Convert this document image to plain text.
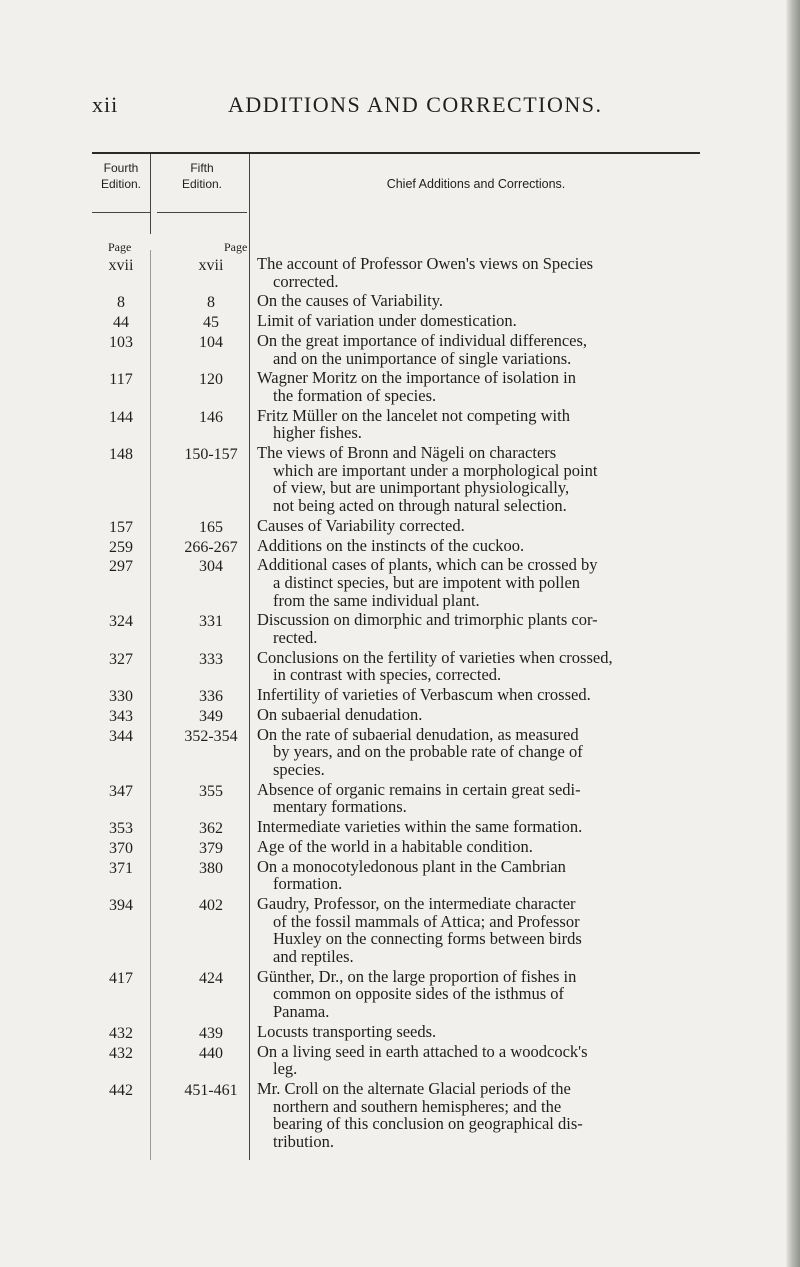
xii	ADDITIONS AND CORRECTIONS.
Fourth
Edition.
Fifth
Edition.	Chief Additions and Corrections.
Page	Page
xvii	xvii	The account of Professor Owen's views on Species
corrected.
8	8	On the causes of Variability.
44	45	Limit of variation under domestication.
103	104	On the great importance of individual differences,
and on the unimportance of single variations.
117	120	Wagner Moritz on the importance of isolation in
the formation of species.
144	146	Fritz Müller on the lancelet not competing with
higher fishes.
148	150-157	The views of Bronn and Nägeli on characters
which are important under a morphological point
of view, but are unimportant physiologically,
not being acted on through natural selection.
157	165	Causes of Variability corrected.
259	266-267	Additions on the instincts of the cuckoo.
297	304	Additional cases of plants, which can be crossed by
a distinct species, but are impotent with pollen
from the same individual plant.
324	331	Discussion on dimorphic and trimorphic plants cor-
rected.
327	333	Conclusions on the fertility of varieties when crossed,
in contrast with species, corrected.
330	336	Infertility of varieties of Verbascum when crossed.
343	349	On subaerial denudation.
344	352-354	On the rate of subaerial denudation, as measured
by years, and on the probable rate of change of
species.
347	355	Absence of organic remains in certain great sedi-
mentary formations.
353	362	Intermediate varieties within the same formation.
370	379	Age of the world in a habitable condition.
371	380	On a monocotyledonous plant in the Cambrian
formation.
394	402	Gaudry, Professor, on the intermediate character
of the fossil mammals of Attica; and Professor
Huxley on the connecting forms between birds
and reptiles.
417	424	Günther, Dr., on the large proportion of fishes in
common on opposite sides of the isthmus of
Panama.
432	439	Locusts transporting seeds.
432	440	On a living seed in earth attached to a woodcock's
leg.
442	451-461	Mr. Croll on the alternate Glacial periods of the
northern and southern hemispheres; and the
bearing of this conclusion on geographical dis-
tribution.
